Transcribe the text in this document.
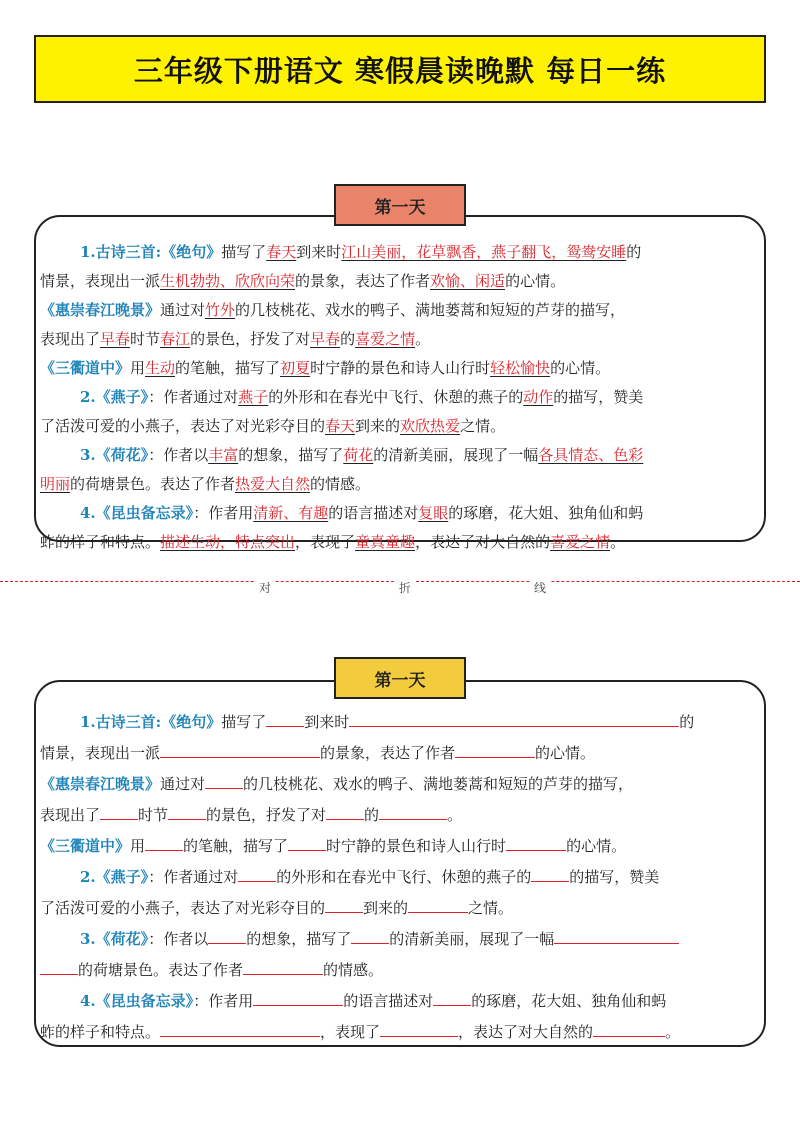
三年级下册语文 寒假晨读晚默 每日一练
第一天
1.古诗三首:《绝句》描写了春天到来时江山美丽，花草飘香，燕子翻飞，鸳鸯安睡的
情景，表现出一派生机勃勃、欣欣向荣的景象，表达了作者欢愉、闲适的心情。
《惠崇春江晚景》通过对竹外的几枝桃花、戏水的鸭子、满地蒌蒿和短短的芦芽的描写，
表现出了早春时节春江的景色，抒发了对早春的喜爱之情。
《三衢道中》用生动的笔触，描写了初夏时宁静的景色和诗人山行时轻松愉快的心情。
2.《燕子》：作者通过对燕子的外形和在春光中飞行、休憩的燕子的动作的描写，赞美
了活泼可爱的小燕子，表达了对光彩夺目的春天到来的欢欣热爱之情。
3.《荷花》：作者以丰富的想象，描写了荷花的清新美丽，展现了一幅各具情态、色彩
明丽的荷塘景色。表达了作者热爱大自然的情感。
4.《昆虫备忘录》：作者用清新、有趣的语言描述对复眼的琢磨，花大姐、独角仙和蚂
蚱的样子和特点。描述生动，特点突出，表现了童真童趣，表达了对大自然的喜爱之情。
对	折	线
第一天
1.古诗三首:《绝句》描写了	到来时	的
情景，表现出一派	的景象，表达了作者	的心情。
《惠崇春江晚景》通过对	的几枝桃花、戏水的鸭子、满地蒌蒿和短短的芦芽的描写，
表现出了	时节	的景色，抒发了对	的	。
《三衢道中》用	的笔触，描写了	时宁静的景色和诗人山行时	的心情。
2.《燕子》：作者通过对	的外形和在春光中飞行、休憩的燕子的	的描写，赞美
了活泼可爱的小燕子，表达了对光彩夺目的	到来的	之情。
3.《荷花》：作者以	的想象，描写了	的清新美丽，展现了一幅
的荷塘景色。表达了作者	的情感。
4.《昆虫备忘录》：作者用	的语言描述对	的琢磨，花大姐、独角仙和蚂
蚱的样子和特点。	，表现了	，表达了对大自然的	。
